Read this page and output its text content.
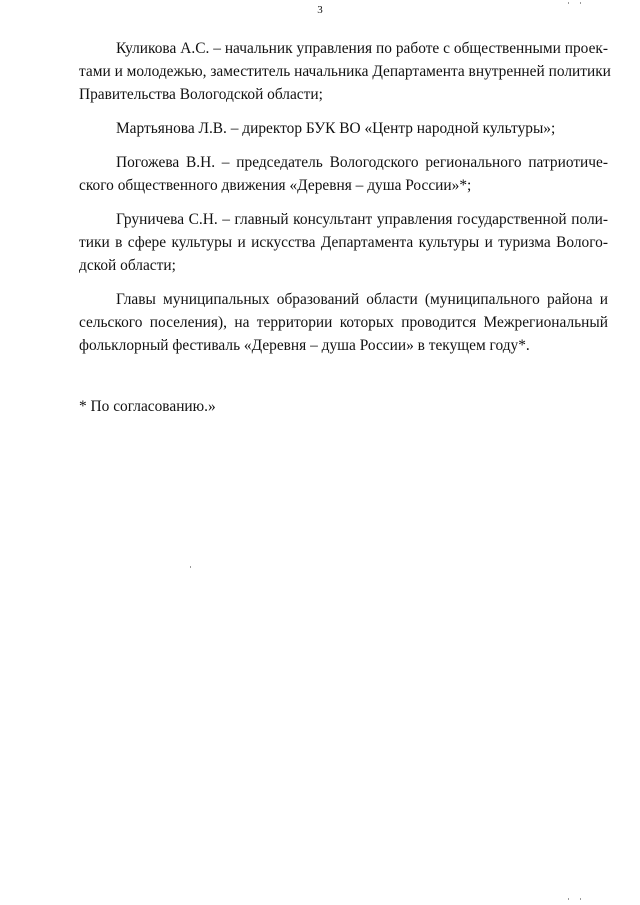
3

Куликова А.С. – начальник управления по работе с общественными проек-
тами и молодежью, заместитель начальника Департамента внутренней политики
Правительства Вологодской области;

Мартьянова Л.В. – директор БУК ВО «Центр народной культуры»;

Погожева В.Н. – председатель Вологодского регионального патриотиче-
ского общественного движения «Деревня – душа России»*;

Груничева С.Н. – главный консультант управления государственной поли-
тики в сфере культуры и искусства Департамента культуры и туризма Волого-
дской области;

Главы муниципальных образований области (муниципального района и
сельского поселения), на территории которых проводится Межрегиональный
фольклорный фестиваль «Деревня – душа России» в текущем году*.

* По согласованию.»
